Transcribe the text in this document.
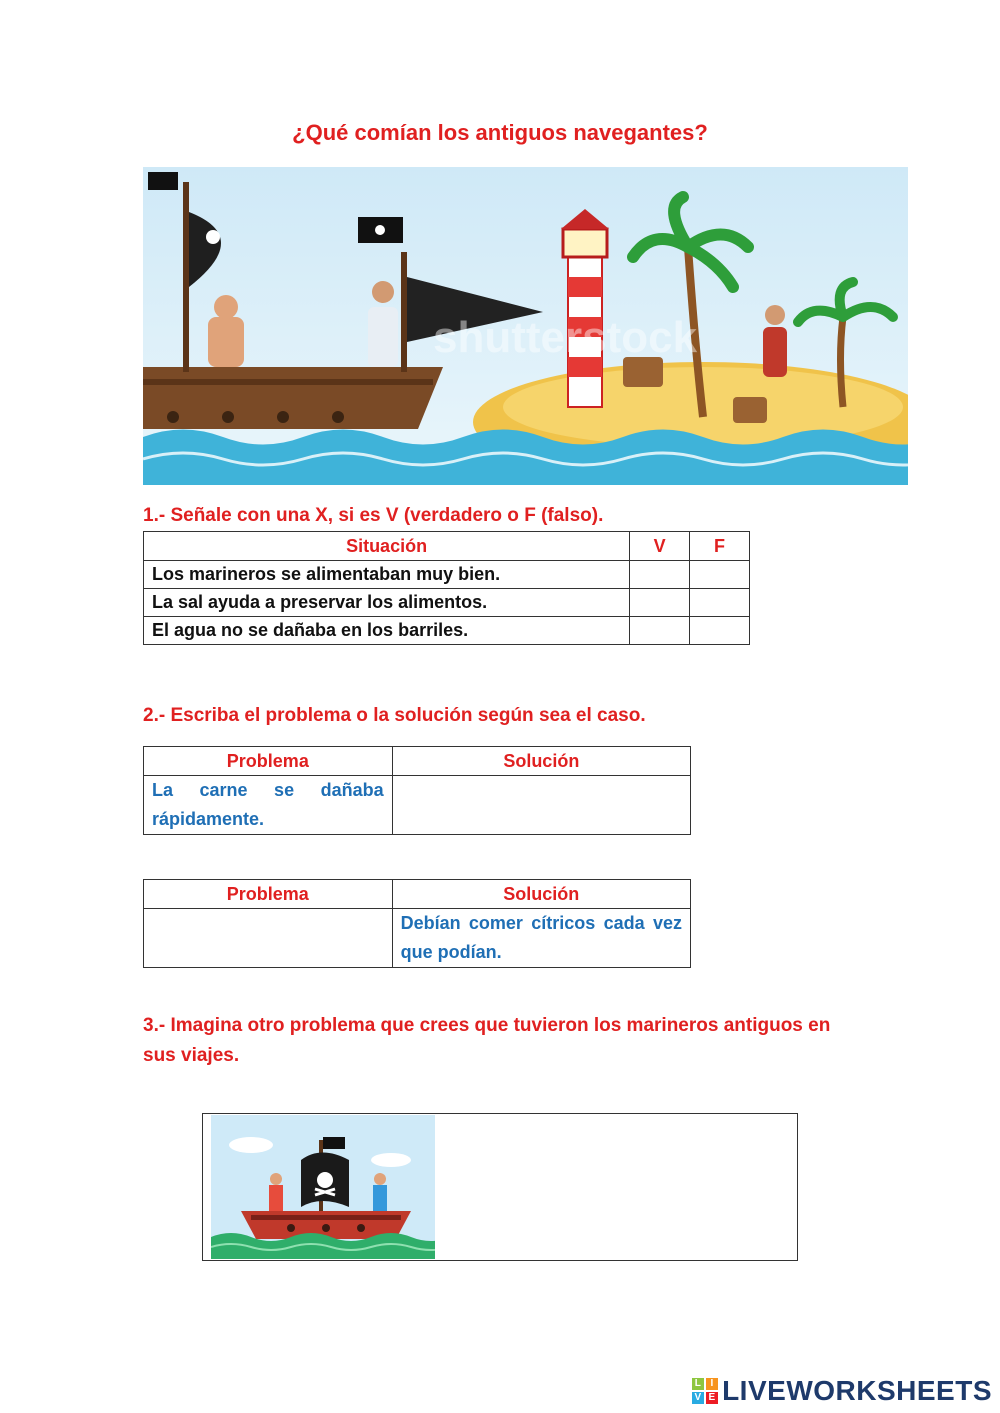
¿Qué comían los antiguos navegantes?
shutterstock
1.- Señale con una X, si es V (verdadero o F (falso).
Situación	V	F
Los marineros se alimentaban muy bien.		
La sal ayuda a preservar los alimentos.		
El agua no se dañaba en los barriles.		
2.- Escriba el problema o la solución según sea el caso.
Problema	Solución
La carne se dañaba rápidamente.	
Problema	Solución
	Debían comer cítricos cada vez que podían.
3.- Imagina otro problema que crees que tuvieron los marineros antiguos en sus viajes.
L I
V E LIVEWORKSHEETS
